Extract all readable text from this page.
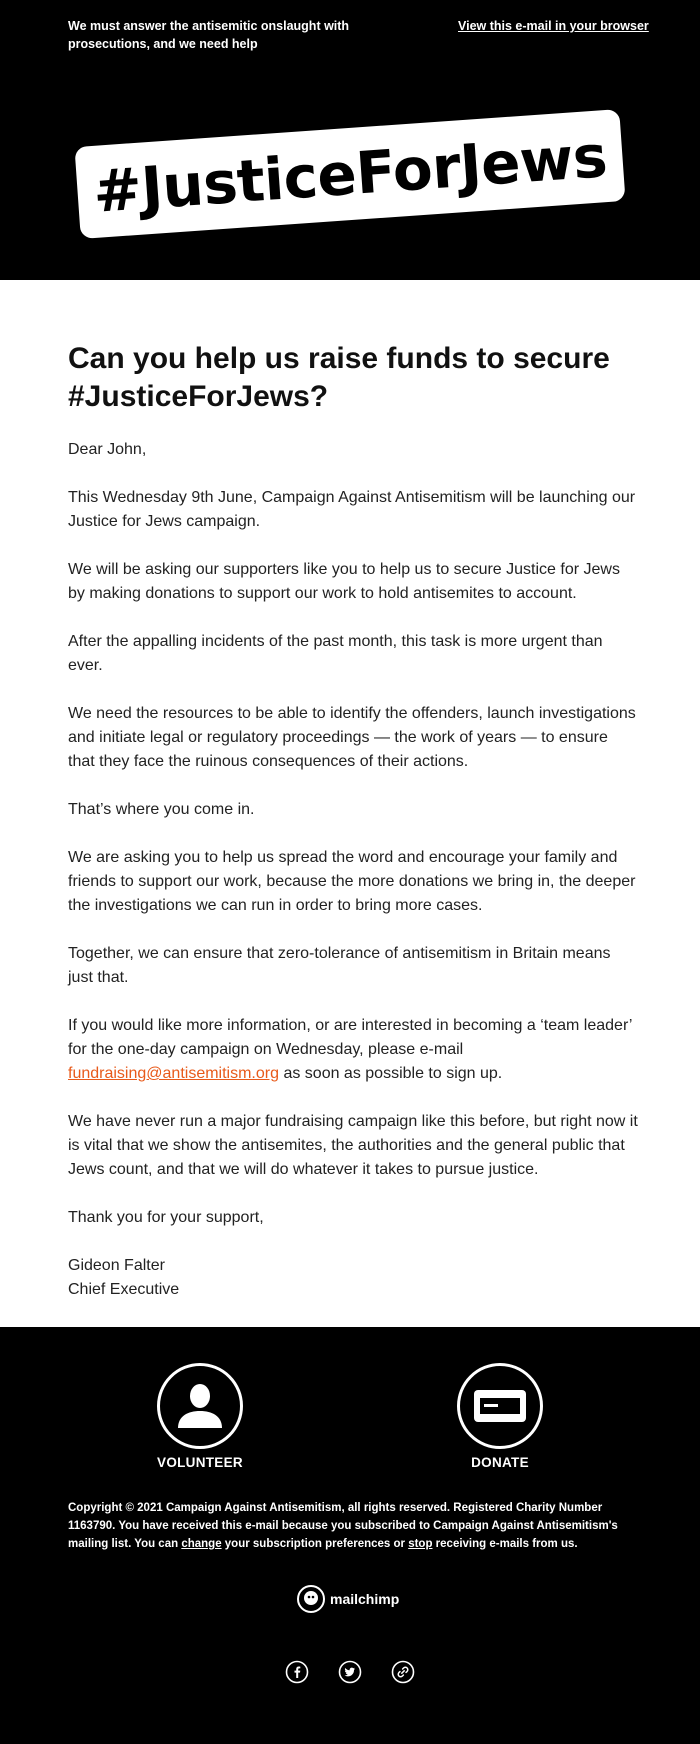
We must answer the antisemitic onslaught with prosecutions, and we need help
View this e-mail in your browser
#JusticeForJews
Can you help us raise funds to secure #JusticeForJews?

Dear John,

This Wednesday 9th June, Campaign Against Antisemitism will be launching our Justice for Jews campaign.

We will be asking our supporters like you to help us to secure Justice for Jews by making donations to support our work to hold antisemites to account.

After the appalling incidents of the past month, this task is more urgent than ever.

We need the resources to be able to identify the offenders, launch investigations and initiate legal or regulatory proceedings — the work of years — to ensure that they face the ruinous consequences of their actions.

That’s where you come in.

We are asking you to help us spread the word and encourage your family and friends to support our work, because the more donations we bring in, the deeper the investigations we can run in order to bring more cases.

Together, we can ensure that zero-tolerance of antisemitism in Britain means just that.

If you would like more information, or are interested in becoming a ‘team leader’ for the one-day campaign on Wednesday, please e-mail fundraising@antisemitism.org as soon as possible to sign up.

We have never run a major fundraising campaign like this before, but right now it is vital that we show the antisemites, the authorities and the general public that Jews count, and that we will do whatever it takes to pursue justice.

Thank you for your support,

Gideon Falter
Chief Executive

VOLUNTEER	DONATE
Copyright © 2021 Campaign Against Antisemitism, all rights reserved. Registered Charity Number 1163790. You have received this e-mail because you subscribed to Campaign Against Antisemitism's mailing list. You can change your subscription preferences or stop receiving e-mails from us.
mailchimp
